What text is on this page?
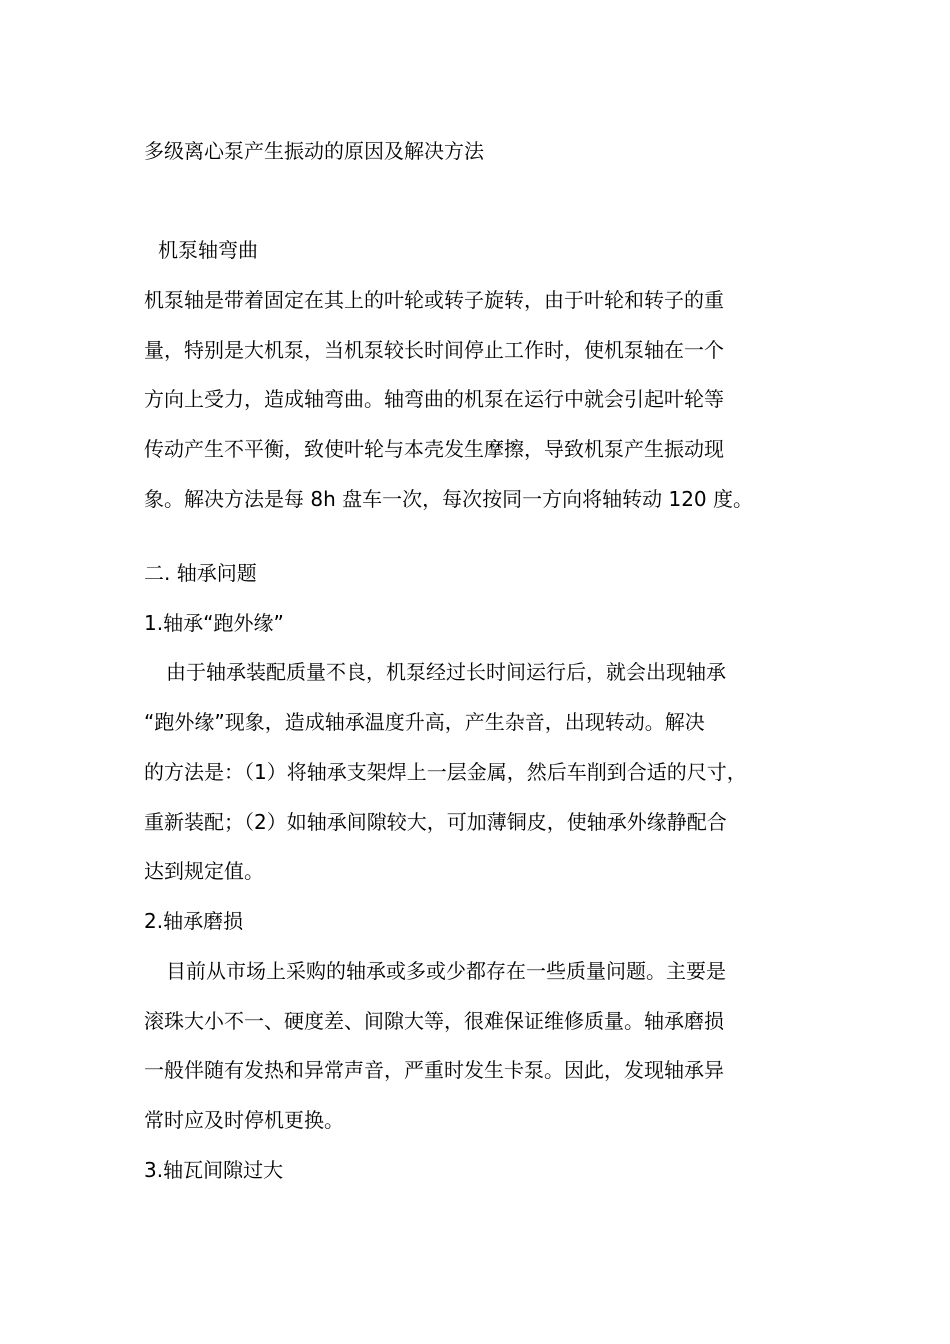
多级离心泵产生振动的原因及解决方法

机泵轴弯曲

机泵轴是带着固定在其上的叶轮或转子旋转，由于叶轮和转子的重

量，特别是大机泵，当机泵较长时间停止工作时，使机泵轴在一个

方向上受力，造成轴弯曲。轴弯曲的机泵在运行中就会引起叶轮等

传动产生不平衡，致使叶轮与本壳发生摩擦，导致机泵产生振动现

象。解决方法是每 8h 盘车一次，每次按同一方向将轴转动 120 度。

二. 轴承问题

1.轴承“跑外缘”

由于轴承装配质量不良，机泵经过长时间运行后，就会出现轴承

“跑外缘”现象，造成轴承温度升高，产生杂音，出现转动。解决

的方法是：（1）将轴承支架焊上一层金属，然后车削到合适的尺寸，

重新装配；（2）如轴承间隙较大，可加薄铜皮，使轴承外缘静配合

达到规定值。

2.轴承磨损

目前从市场上采购的轴承或多或少都存在一些质量问题。主要是

滚珠大小不一、硬度差、间隙大等，很难保证维修质量。轴承磨损

一般伴随有发热和异常声音，严重时发生卡泵。因此，发现轴承异

常时应及时停机更换。

3.轴瓦间隙过大
